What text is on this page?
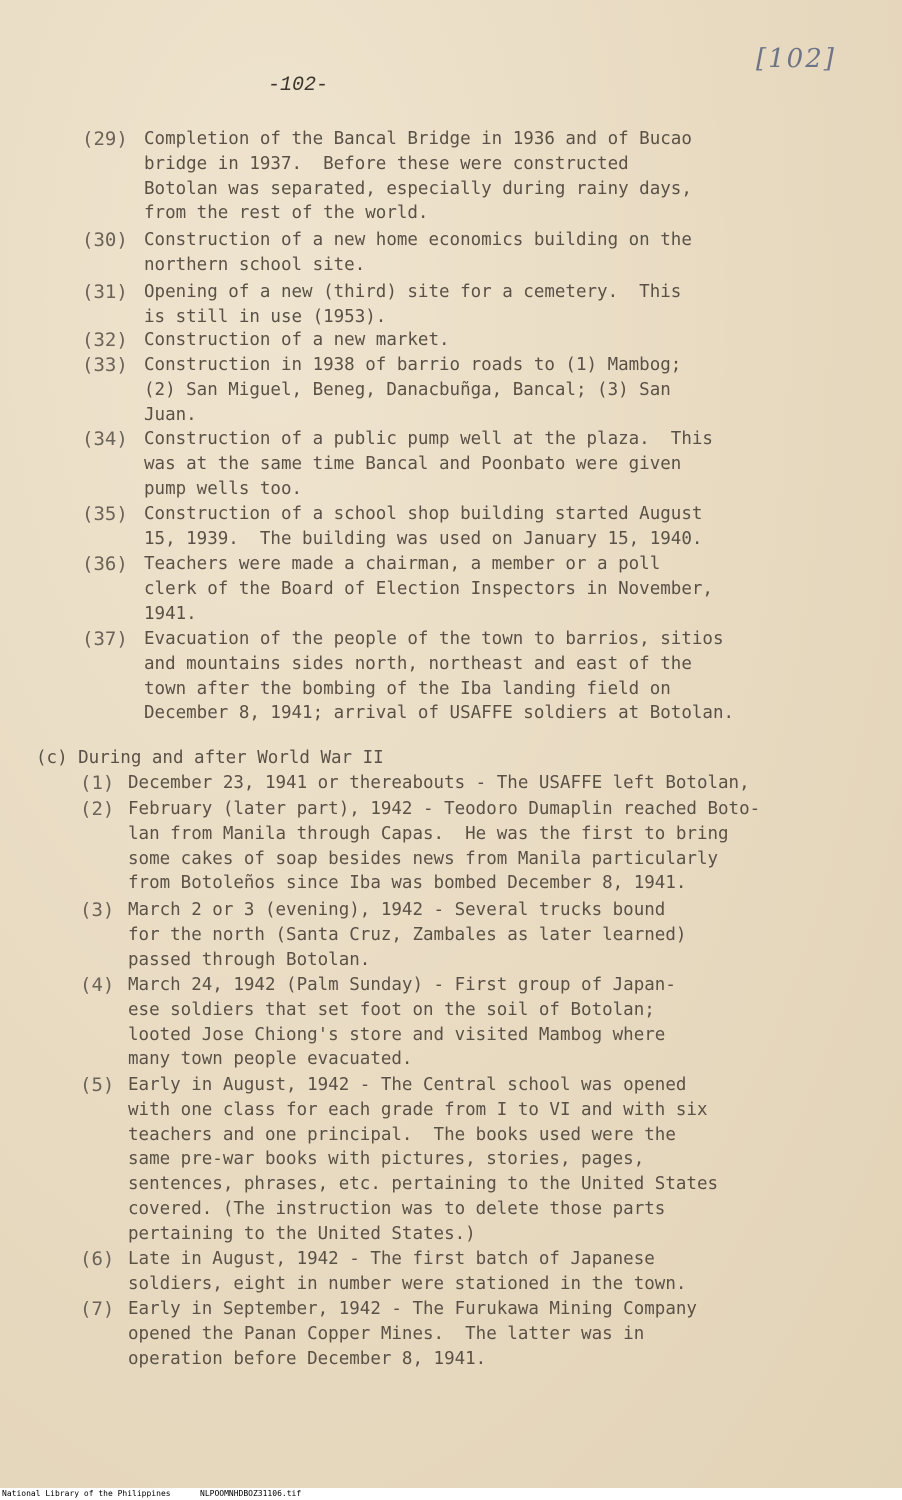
-102-
[102]
(29) Completion of the Bancal Bridge in 1936 and of Bucao
bridge in 1937.  Before these were constructed
Botolan was separated, especially during rainy days,
from the rest of the world.
(30) Construction of a new home economics building on the
northern school site.
(31) Opening of a new (third) site for a cemetery.  This
is still in use (1953).
(32) Construction of a new market.
(33) Construction in 1938 of barrio roads to (1) Mambog;
(2) San Miguel, Beneg, Danacbuñga, Bancal; (3) San
Juan.
(34) Construction of a public pump well at the plaza.  This
was at the same time Bancal and Poonbato were given
pump wells too.
(35) Construction of a school shop building started August
15, 1939.  The building was used on January 15, 1940.
(36) Teachers were made a chairman, a member or a poll
clerk of the Board of Election Inspectors in November,
1941.
(37) Evacuation of the people of the town to barrios, sitios
and mountains sides north, northeast and east of the
town after the bombing of the Iba landing field on
December 8, 1941; arrival of USAFFE soldiers at Botolan.
(c) During and after World War II
(1) December 23, 1941 or thereabouts - The USAFFE left Botolan,
(2) February (later part), 1942 - Teodoro Dumaplin reached Boto-
lan from Manila through Capas.  He was the first to bring
some cakes of soap besides news from Manila particularly
from Botoleños since Iba was bombed December 8, 1941.
(3) March 2 or 3 (evening), 1942 - Several trucks bound
for the north (Santa Cruz, Zambales as later learned)
passed through Botolan.
(4) March 24, 1942 (Palm Sunday) - First group of Japan-
ese soldiers that set foot on the soil of Botolan;
looted Jose Chiong's store and visited Mambog where
many town people evacuated.
(5) Early in August, 1942 - The Central school was opened
with one class for each grade from I to VI and with six
teachers and one principal.  The books used were the
same pre-war books with pictures, stories, pages,
sentences, phrases, etc. pertaining to the United States
covered. (The instruction was to delete those parts
pertaining to the United States.)
(6) Late in August, 1942 - The first batch of Japanese
soldiers, eight in number were stationed in the town.
(7) Early in September, 1942 - The Furukawa Mining Company
opened the Panan Copper Mines.  The latter was in
operation before December 8, 1941.
National Library of the Philippines	NLPOOMNHDBOZ31106.tif
